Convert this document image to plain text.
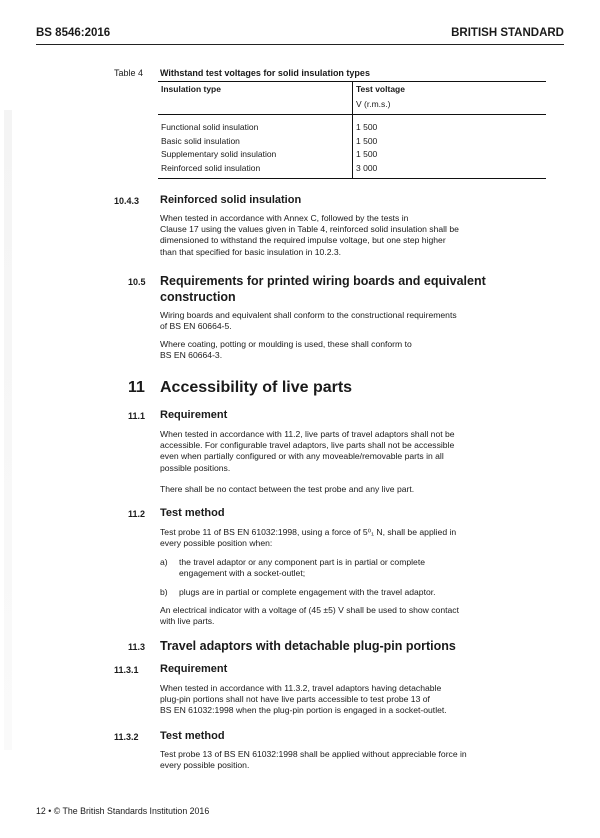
BS 8546:2016	BRITISH STANDARD
Table 4 Withstand test voltages for solid insulation types
Insulation type	Test voltage
V (r.m.s.)
Functional solid insulation	1 500
Basic solid insulation	1 500
Supplementary solid insulation	1 500
Reinforced solid insulation	3 000
10.4.3 Reinforced solid insulation
When tested in accordance with Annex C, followed by the tests in
Clause 17 using the values given in Table 4, reinforced solid insulation shall be
dimensioned to withstand the required impulse voltage, but one step higher
than that specified for basic insulation in 10.2.3.
10.5 Requirements for printed wiring boards and equivalent
construction
Wiring boards and equivalent shall conform to the constructional requirements
of BS EN 60664-5.
Where coating, potting or moulding is used, these shall conform to
BS EN 60664-3.
11 Accessibility of live parts
11.1 Requirement
When tested in accordance with 11.2, live parts of travel adaptors shall not be
accessible. For configurable travel adaptors, live parts shall not be accessible
even when partially configured or with any moveable/removable parts in all
possible positions.
There shall be no contact between the test probe and any live part.
11.2 Test method
Test probe 11 of BS EN 61032:1998, using a force of 5⁰₁ N, shall be applied in
every possible position when:
a) the travel adaptor or any component part is in partial or complete
engagement with a socket-outlet;
b) plugs are in partial or complete engagement with the travel adaptor.
An electrical indicator with a voltage of (45 ±5) V shall be used to show contact
with live parts.
11.3 Travel adaptors with detachable plug-pin portions
11.3.1 Requirement
When tested in accordance with 11.3.2, travel adaptors having detachable
plug-pin portions shall not have live parts accessible to test probe 13 of
BS EN 61032:1998 when the plug-pin portion is engaged in a socket-outlet.
11.3.2 Test method
Test probe 13 of BS EN 61032:1998 shall be applied without appreciable force in
every possible position.
12 • © The British Standards Institution 2016
